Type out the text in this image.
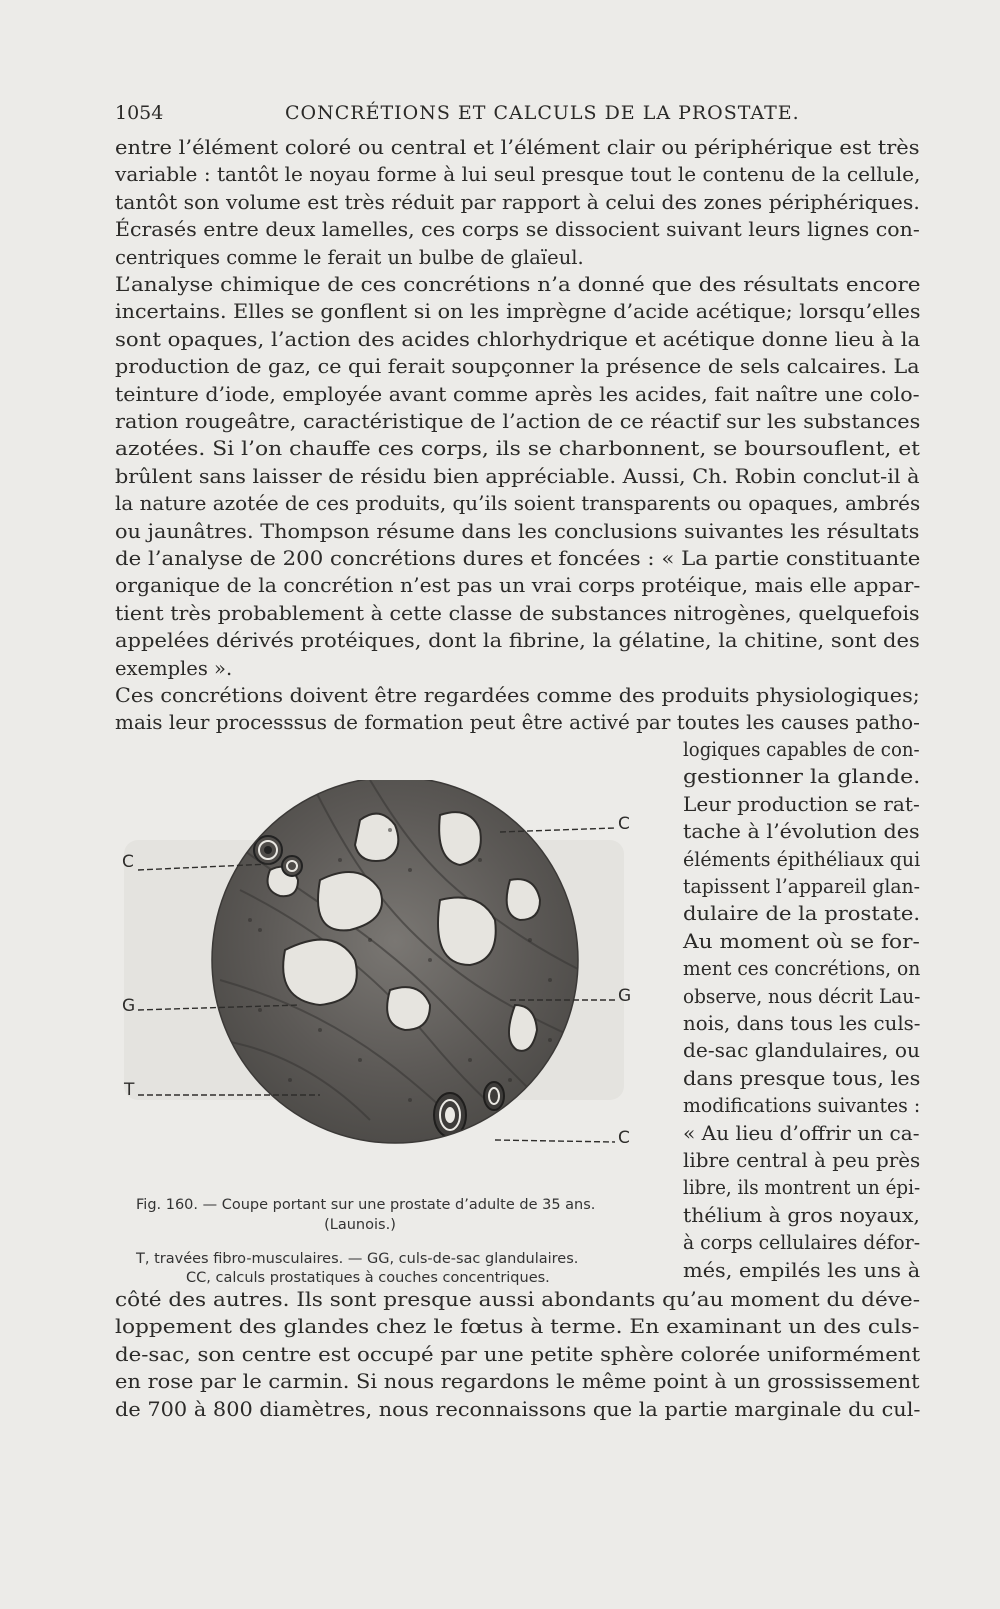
1054	CONCRÉTIONS ET CALCULS DE LA PROSTATE.
entre l’élément coloré ou central et l’élément clair ou périphérique est très
variable : tantôt le noyau forme à lui seul presque tout le contenu de la cellule,
tantôt son volume est très réduit par rapport à celui des zones périphériques.
Écrasés entre deux lamelles, ces corps se dissocient suivant leurs lignes con-
centriques comme le ferait un bulbe de glaïeul.
L’analyse chimique de ces concrétions n’a donné que des résultats encore
incertains. Elles se gonflent si on les imprègne d’acide acétique; lorsqu’elles
sont opaques, l’action des acides chlorhydrique et acétique donne lieu à la
production de gaz, ce qui ferait soupçonner la présence de sels calcaires. La
teinture d’iode, employée avant comme après les acides, fait naître une colo-
ration rougeâtre, caractéristique de l’action de ce réactif sur les substances
azotées. Si l’on chauffe ces corps, ils se charbonnent, se boursouflent, et
brûlent sans laisser de résidu bien appréciable. Aussi, Ch. Robin conclut-il à
la nature azotée de ces produits, qu’ils soient transparents ou opaques, ambrés
ou jaunâtres. Thompson résume dans les conclusions suivantes les résultats
de l’analyse de 200 concrétions dures et foncées : « La partie constituante
organique de la concrétion n’est pas un vrai corps protéique, mais elle appar-
tient très probablement à cette classe de substances nitrogènes, quelquefois
appelées dérivés protéiques, dont la fibrine, la gélatine, la chitine, sont des
exemples ».
Ces concrétions doivent être regardées comme des produits physiologiques;
mais leur processsus de formation peut être activé par toutes les causes patho-
logiques capables de con-
gestionner la glande.
Leur production se rat-
tache à l’évolution des
éléments épithéliaux qui
tapissent l’appareil glan-
dulaire de la prostate.
Au moment où se for-
ment ces concrétions, on
observe, nous décrit Lau-
nois, dans tous les culs-
de-sac glandulaires, ou
dans presque tous, les
modifications suivantes :
« Au lieu d’offrir un ca-
libre central à peu près
libre, ils montrent un épi-
thélium à gros noyaux,
à corps cellulaires défor-
més, empilés les uns à
côté des autres. Ils sont presque aussi abondants qu’au moment du déve-
loppement des glandes chez le fœtus à terme. En examinant un des culs-
de-sac, son centre est occupé par une petite sphère colorée uniformément
en rose par le carmin. Si nous regardons le même point à un grossissement
de 700 à 800 diamètres, nous reconnaissons que la partie marginale du cul-
C
G
T
C
G
C
Fig. 160. — Coupe portant sur une prostate d’adulte de 35 ans.
(Launois.)
T, travées fibro-musculaires. — GG, culs-de-sac glandulaires.
CC, calculs prostatiques à couches concentriques.
